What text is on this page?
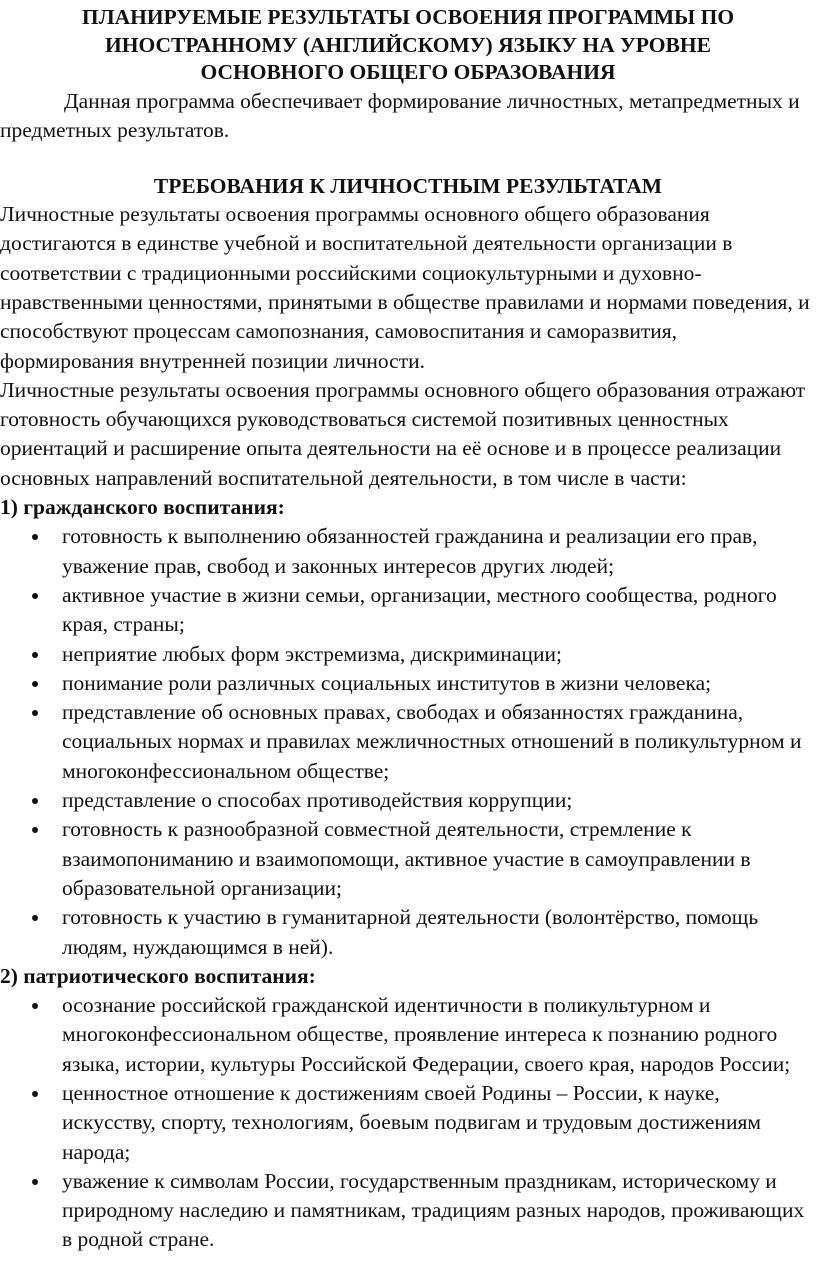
ПЛАНИРУЕМЫЕ РЕЗУЛЬТАТЫ ОСВОЕНИЯ ПРОГРАММЫ ПО
ИНОСТРАННОМУ (АНГЛИЙСКОМУ) ЯЗЫКУ НА УРОВНЕ
ОСНОВНОГО ОБЩЕГО ОБРАЗОВАНИЯ

Данная программа обеспечивает формирование личностных, метапредметных и предметных результатов.

ТРЕБОВАНИЯ К ЛИЧНОСТНЫМ РЕЗУЛЬТАТАМ

Личностные результаты освоения программы основного общего образования достигаются в единстве учебной и воспитательной деятельности организации в соответствии с традиционными российскими социокультурными и духовно-нравственными ценностями, принятыми в обществе правилами и нормами поведения, и способствуют процессам самопознания, самовоспитания и саморазвития, формирования внутренней позиции личности.

Личностные результаты освоения программы основного общего образования отражают готовность обучающихся руководствоваться системой позитивных ценностных ориентаций и расширение опыта деятельности на её основе и в процессе реализации основных направлений воспитательной деятельности, в том числе в части:

1) гражданского воспитания:
готовность к выполнению обязанностей гражданина и реализации его прав, уважение прав, свобод и законных интересов других людей;
активное участие в жизни семьи, организации, местного сообщества, родного края, страны;
неприятие любых форм экстремизма, дискриминации;
понимание роли различных социальных институтов в жизни человека;
представление об основных правах, свободах и обязанностях гражданина, социальных нормах и правилах межличностных отношений в поликультурном и многоконфессиональном обществе;
представление о способах противодействия коррупции;
готовность к разнообразной совместной деятельности, стремление к взаимопониманию и взаимопомощи, активное участие в самоуправлении в образовательной организации;
готовность к участию в гуманитарной деятельности (волонтёрство, помощь людям, нуждающимся в ней).
2) патриотического воспитания:
осознание российской гражданской идентичности в поликультурном и многоконфессиональном обществе, проявление интереса к познанию родного языка, истории, культуры Российской Федерации, своего края, народов России;
ценностное отношение к достижениям своей Родины – России, к науке, искусству, спорту, технологиям, боевым подвигам и трудовым достижениям народа;
уважение к символам России, государственным праздникам, историческому и природному наследию и памятникам, традициям разных народов, проживающих в родной стране.
